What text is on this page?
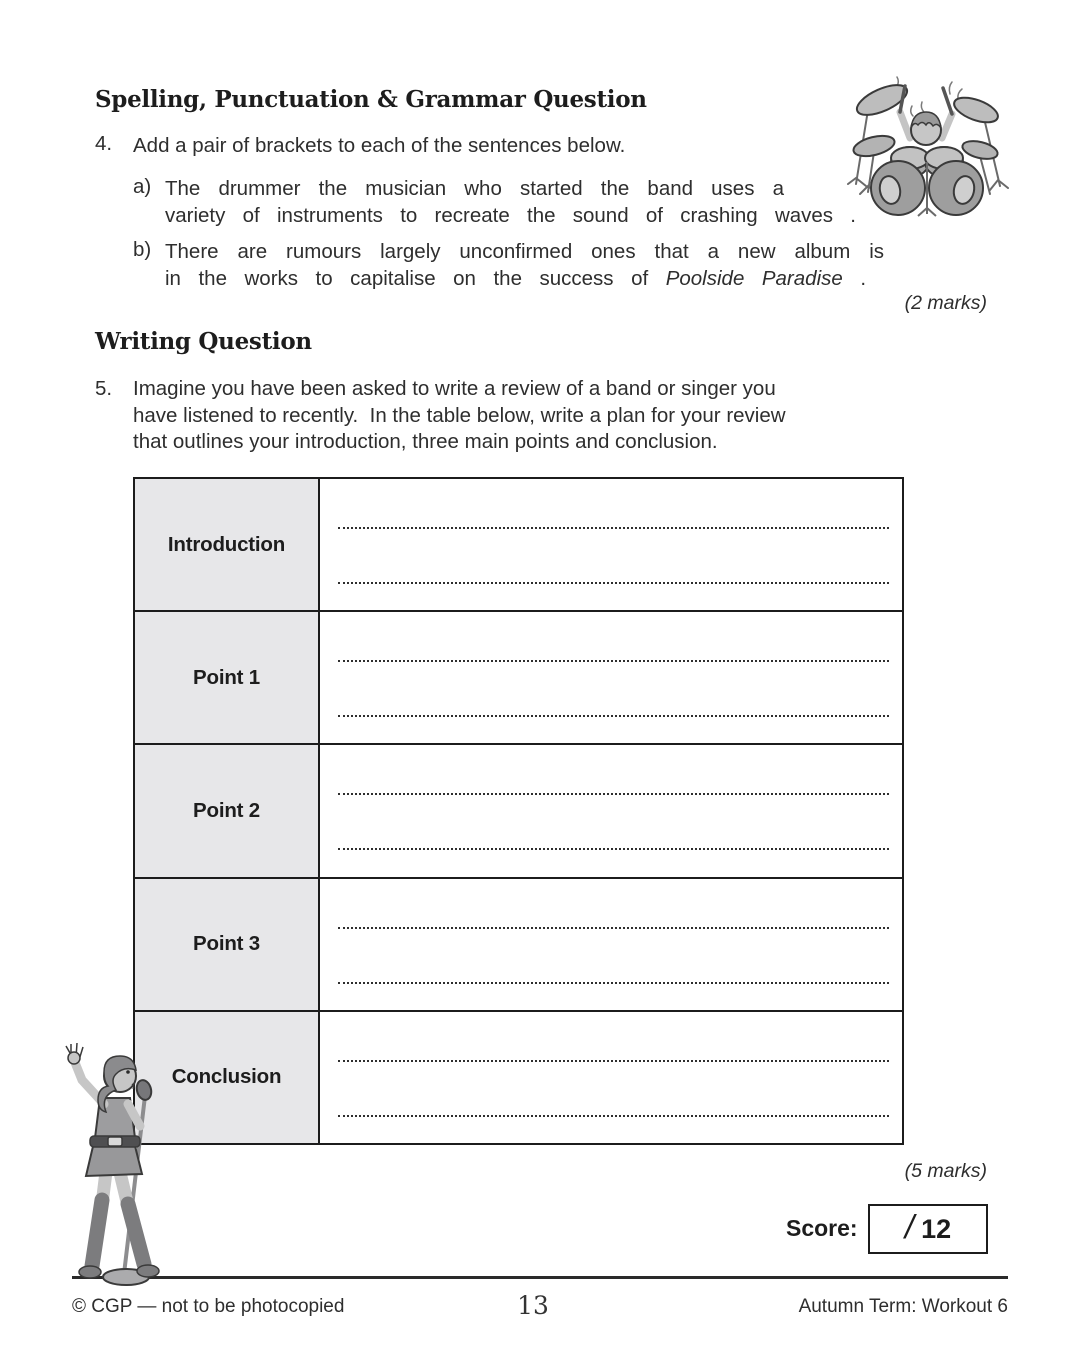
Spelling, Punctuation & Grammar Question
4. Add a pair of brackets to each of the sentences below.
a) The drummer the musician who started the band uses a
variety of instruments to recreate the sound of crashing waves .
b) There are rumours largely unconfirmed ones that a new album is
in the works to capitalise on the success of Poolside Paradise .
(2 marks)
Writing Question
5. Imagine you have been asked to write a review of a band or singer you
have listened to recently.  In the table below, write a plan for your review
that outlines your introduction, three main points and conclusion.
Introduction
Point 1
Point 2
Point 3
Conclusion
(5 marks)
Score: / 12
© CGP — not to be photocopied	13	Autumn Term: Workout 6
